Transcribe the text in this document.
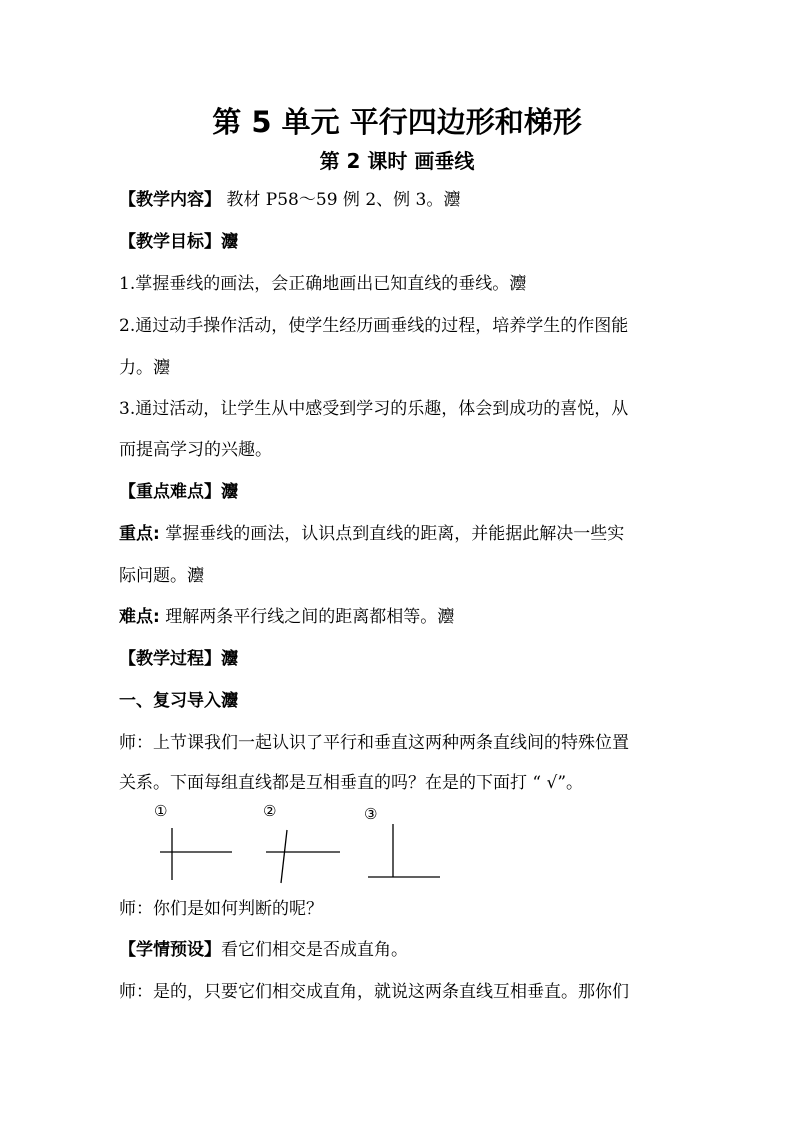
第 5 单元 平行四边形和梯形
第 2 课时 画垂线
【教学内容】 教材 P58～59 例 2、例 3。灋
【教学目标】灋
1.掌握垂线的画法，会正确地画出已知直线的垂线。灋
2.通过动手操作活动，使学生经历画垂线的过程，培养学生的作图能
力。灋
3.通过活动，让学生从中感受到学习的乐趣，体会到成功的喜悦，从
而提高学习的兴趣。
【重点难点】灋
重点: 掌握垂线的画法，认识点到直线的距离，并能据此解决一些实
际问题。灋
难点: 理解两条平行线之间的距离都相等。灋
【教学过程】灋
一、复习导入灋
师：上节课我们一起认识了平行和垂直这两种两条直线间的特殊位置
关系。下面每组直线都是互相垂直的吗？在是的下面打 “ √”。
①	②	③
师：你们是如何判断的呢？
【学情预设】看它们相交是否成直角。
师：是的，只要它们相交成直角，就说这两条直线互相垂直。那你们
